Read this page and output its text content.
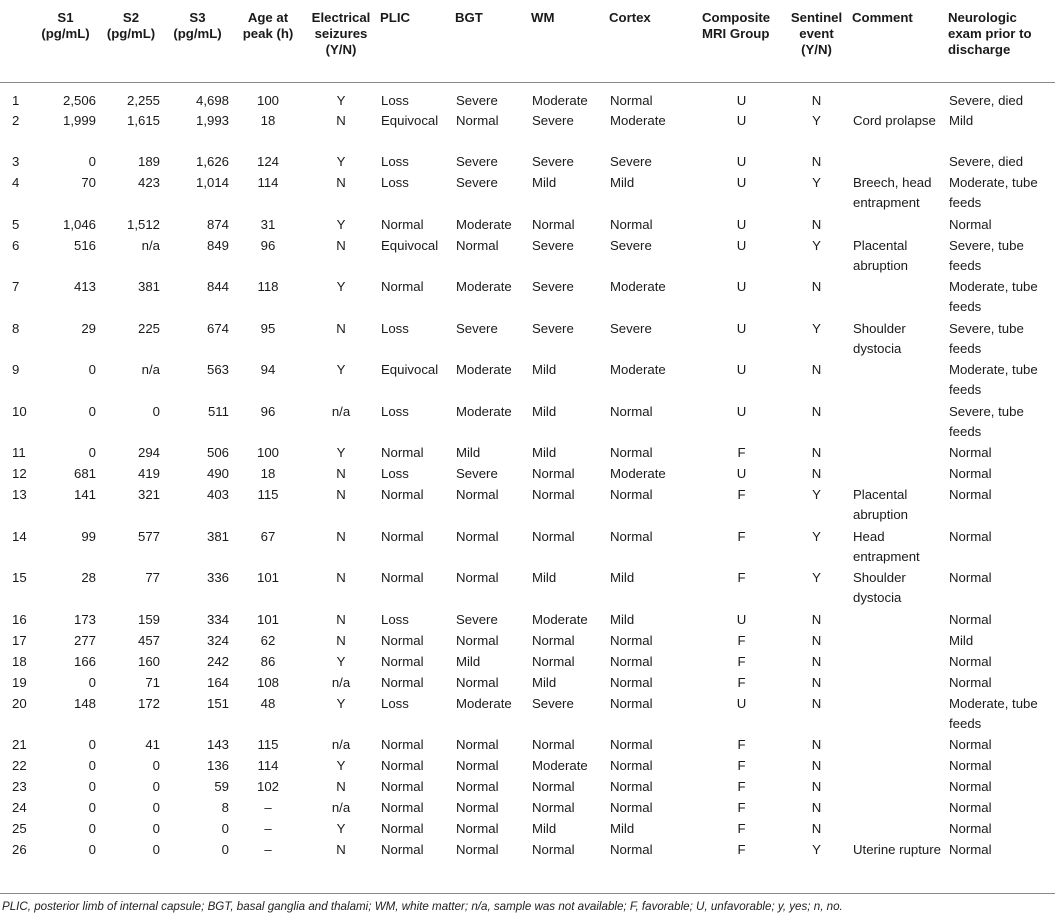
	S1 (pg/mL)	S2 (pg/mL)	S3 (pg/mL)	Age at peak (h)	Electrical seizures (Y/N)	PLIC	BGT	WM	Cortex	Composite MRI Group	Sentinel event (Y/N)	Comment	Neurologic exam prior to discharge
1	2,506	2,255	4,698	100	Y	Loss	Severe	Moderate	Normal	U	N		Severe, died
2	1,999	1,615	1,993	18	N	Equivocal	Normal	Severe	Moderate	U	Y	Cord prolapse	Mild
3	0	189	1,626	124	Y	Loss	Severe	Severe	Severe	U	N		Severe, died
4	70	423	1,014	114	N	Loss	Severe	Mild	Mild	U	Y	Breech, head entrapment	Moderate, tube feeds
5	1,046	1,512	874	31	Y	Normal	Moderate	Normal	Normal	U	N		Normal
6	516	n/a	849	96	N	Equivocal	Normal	Severe	Severe	U	Y	Placental abruption	Severe, tube feeds
7	413	381	844	118	Y	Normal	Moderate	Severe	Moderate	U	N		Moderate, tube feeds
8	29	225	674	95	N	Loss	Severe	Severe	Severe	U	Y	Shoulder dystocia	Severe, tube feeds
9	0	n/a	563	94	Y	Equivocal	Moderate	Mild	Moderate	U	N		Moderate, tube feeds
10	0	0	511	96	n/a	Loss	Moderate	Mild	Normal	U	N		Severe, tube feeds
11	0	294	506	100	Y	Normal	Mild	Mild	Normal	F	N		Normal
12	681	419	490	18	N	Loss	Severe	Normal	Moderate	U	N		Normal
13	141	321	403	115	N	Normal	Normal	Normal	Normal	F	Y	Placental abruption	Normal
14	99	577	381	67	N	Normal	Normal	Normal	Normal	F	Y	Head entrapment	Normal
15	28	77	336	101	N	Normal	Normal	Mild	Mild	F	Y	Shoulder dystocia	Normal
16	173	159	334	101	N	Loss	Severe	Moderate	Mild	U	N		Normal
17	277	457	324	62	N	Normal	Normal	Normal	Normal	F	N		Mild
18	166	160	242	86	Y	Normal	Mild	Normal	Normal	F	N		Normal
19	0	71	164	108	n/a	Normal	Normal	Mild	Normal	F	N		Normal
20	148	172	151	48	Y	Loss	Moderate	Severe	Normal	U	N		Moderate, tube feeds
21	0	41	143	115	n/a	Normal	Normal	Normal	Normal	F	N		Normal
22	0	0	136	114	Y	Normal	Normal	Moderate	Normal	F	N		Normal
23	0	0	59	102	N	Normal	Normal	Normal	Normal	F	N		Normal
24	0	0	8	–	n/a	Normal	Normal	Normal	Normal	F	N		Normal
25	0	0	0	–	Y	Normal	Normal	Mild	Mild	F	N		Normal
26	0	0	0	–	N	Normal	Normal	Normal	Normal	F	Y	Uterine rupture	Normal
PLIC, posterior limb of internal capsule; BGT, basal ganglia and thalami; WM, white matter; n/a, sample was not available; F, favorable; U, unfavorable; y, yes; n, no.
